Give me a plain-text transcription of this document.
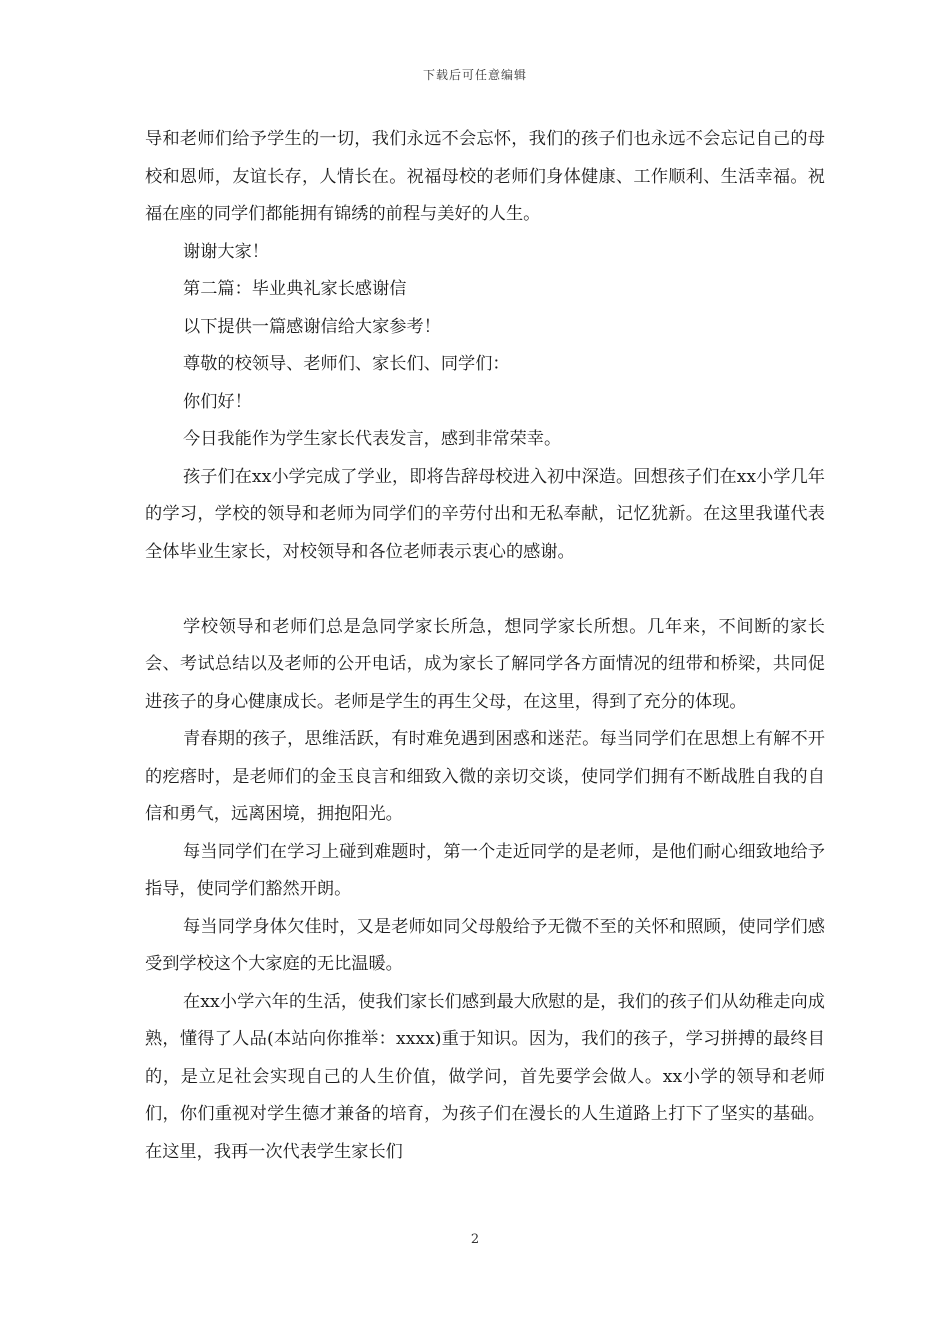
下载后可任意编辑

导和老师们给予学生的一切，我们永远不会忘怀，我们的孩子们也永远不会忘记自己的母校和恩师，友谊长存，人情长在。祝福母校的老师们身体健康、工作顺利、生活幸福。祝福在座的同学们都能拥有锦绣的前程与美好的人生。

谢谢大家！

第二篇：毕业典礼家长感谢信

以下提供一篇感谢信给大家参考！

尊敬的校领导、老师们、家长们、同学们：

你们好！

今日我能作为学生家长代表发言，感到非常荣幸。

孩子们在xx小学完成了学业，即将告辞母校进入初中深造。回想孩子们在xx小学几年的学习，学校的领导和老师为同学们的辛劳付出和无私奉献，记忆犹新。在这里我谨代表全体毕业生家长，对校领导和各位老师表示衷心的感谢。

学校领导和老师们总是急同学家长所急，想同学家长所想。几年来，不间断的家长会、考试总结以及老师的公开电话，成为家长了解同学各方面情况的纽带和桥梁，共同促进孩子的身心健康成长。老师是学生的再生父母，在这里，得到了充分的体现。

青春期的孩子，思维活跃，有时难免遇到困惑和迷茫。每当同学们在思想上有解不开的疙瘩时，是老师们的金玉良言和细致入微的亲切交谈，使同学们拥有不断战胜自我的自信和勇气，远离困境，拥抱阳光。

每当同学们在学习上碰到难题时，第一个走近同学的是老师，是他们耐心细致地给予指导，使同学们豁然开朗。

每当同学身体欠佳时，又是老师如同父母般给予无微不至的关怀和照顾，使同学们感受到学校这个大家庭的无比温暖。

在xx小学六年的生活，使我们家长们感到最大欣慰的是，我们的孩子们从幼稚走向成熟，懂得了人品(本站向你推举：xxxx)重于知识。因为，我们的孩子，学习拼搏的最终目的，是立足社会实现自己的人生价值，做学问，首先要学会做人。xx小学的领导和老师们，你们重视对学生德才兼备的培育，为孩子们在漫长的人生道路上打下了坚实的基础。在这里，我再一次代表学生家长们

2
